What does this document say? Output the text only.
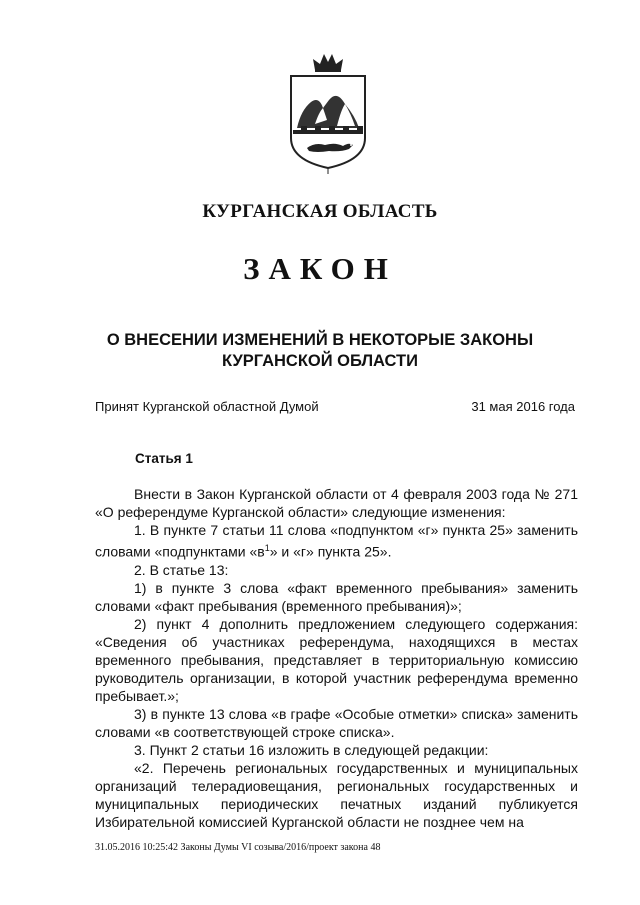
КУРГАНСКАЯ ОБЛАСТЬ
ЗАКОН
О ВНЕСЕНИИ ИЗМЕНЕНИЙ В НЕКОТОРЫЕ ЗАКОНЫ
КУРГАНСКОЙ ОБЛАСТИ
Принят Курганской областной Думой	31 мая 2016 года
Статья 1

Внести в Закон Курганской области от 4 февраля 2003 года № 271 «О референдуме Курганской области» следующие изменения:

1. В пункте 7 статьи 11 слова «подпунктом «г» пункта 25» заменить словами «подпунктами «$в^1$» и «г» пункта 25».

2. В статье 13:

1) в пункте 3 слова «факт временного пребывания» заменить словами «факт пребывания (временного пребывания)»;

2) пункт 4 дополнить предложением следующего содержания: «Сведения об участниках референдума, находящихся в местах временного пребывания, представляет в территориальную комиссию руководитель организации, в которой участник референдума временно пребывает.»;

3) в пункте 13 слова «в графе «Особые отметки» списка» заменить словами «в соответствующей строке списка».

3. Пункт 2 статьи 16 изложить в следующей редакции:

«2. Перечень региональных государственных и муниципальных организаций телерадиовещания, региональных государственных и муниципальных периодических печатных изданий публикуется Избирательной комиссией Курганской области не позднее чем на

31.05.2016 10:25:42 Законы Думы VI созыва/2016/проект закона 48
